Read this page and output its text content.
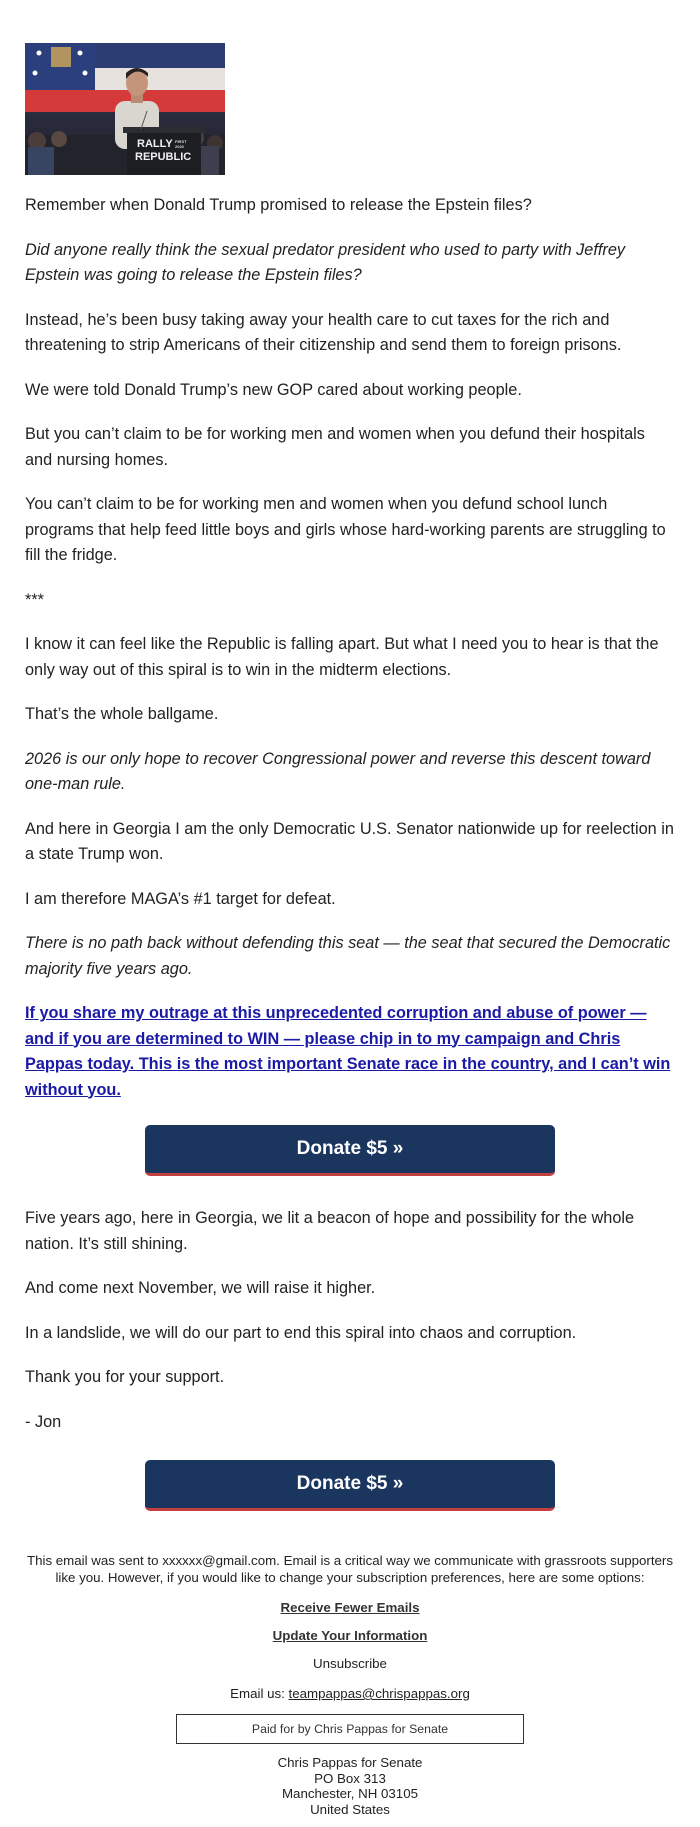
RALLY
REPUBLIC
FIRST
2026

Remember when Donald Trump promised to release the Epstein files?

Did anyone really think the sexual predator president who used to party with Jeffrey Epstein was going to release the Epstein files?

Instead, he’s been busy taking away your health care to cut taxes for the rich and threatening to strip Americans of their citizenship and send them to foreign prisons.

We were told Donald Trump’s new GOP cared about working people.

But you can’t claim to be for working men and women when you defund their hospitals and nursing homes.

You can’t claim to be for working men and women when you defund school lunch programs that help feed little boys and girls whose hard-working parents are struggling to fill the fridge.

***

I know it can feel like the Republic is falling apart. But what I need you to hear is that the only way out of this spiral is to win in the midterm elections.

That’s the whole ballgame.

2026 is our only hope to recover Congressional power and reverse this descent toward one-man rule.

And here in Georgia I am the only Democratic U.S. Senator nationwide up for reelection in a state Trump won.

I am therefore MAGA’s #1 target for defeat.

There is no path back without defending this seat — the seat that secured the Democratic majority five years ago.

If you share my outrage at this unprecedented corruption and abuse of power — and if you are determined to WIN — please chip in to my campaign and Chris Pappas today. This is the most important Senate race in the country, and I can’t win without you.

Donate $5 »

Five years ago, here in Georgia, we lit a beacon of hope and possibility for the whole nation. It’s still shining.

And come next November, we will raise it higher.

In a landslide, we will do our part to end this spiral into chaos and corruption.

Thank you for your support.

- Jon

Donate $5 »

This email was sent to xxxxxx@gmail.com. Email is a critical way we communicate with grassroots supporters like you. However, if you would like to change your subscription preferences, here are some options:

Receive Fewer Emails
Update Your Information
Unsubscribe
Email us: teampappas@chrispappas.org
Paid for by Chris Pappas for Senate
Chris Pappas for Senate
PO Box 313
Manchester, NH 03105
United States
